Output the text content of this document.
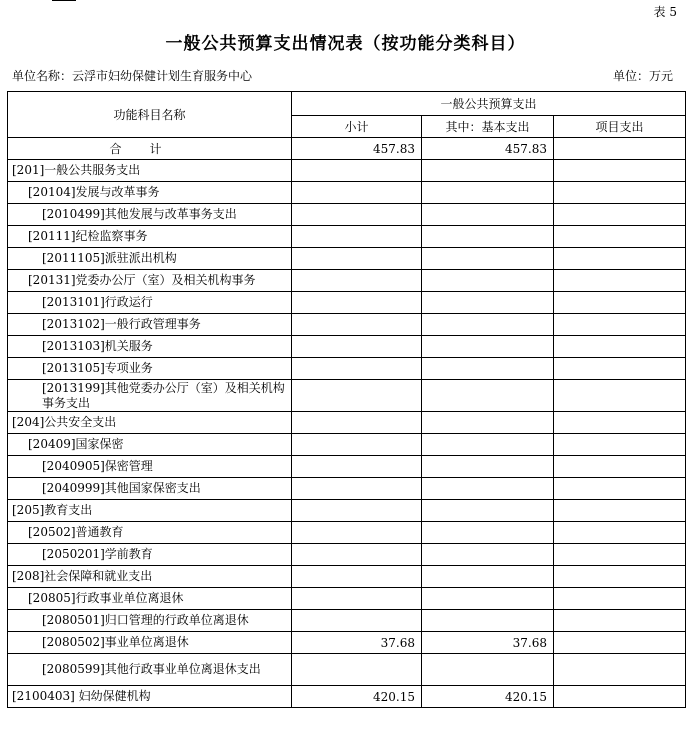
表 5
一般公共预算支出情况表（按功能分类科目）
单位名称：云浮市妇幼保健计划生育服务中心	单位：万元
功能科目名称	一般公共预算支出		
	小计	其中：基本支出	项目支出
合计	457.83	457.83	
[201]一般公共服务支出			
[20104]发展与改革事务			
[2010499]其他发展与改革事务支出			
[20111]纪检监察事务			
[2011105]派驻派出机构			
[20131]党委办公厅（室）及相关机构事务			
[2013101]行政运行			
[2013102]一般行政管理事务			
[2013103]机关服务			
[2013105]专项业务			
[2013199]其他党委办公厅（室）及相关机构事务支出			
[204]公共安全支出			
[20409]国家保密			
[2040905]保密管理			
[2040999]其他国家保密支出			
[205]教育支出			
[20502]普通教育			
[2050201]学前教育			
[208]社会保障和就业支出			
[20805]行政事业单位离退休			
[2080501]归口管理的行政单位离退休			
[2080502]事业单位离退休	37.68	37.68	
[2080599]其他行政事业单位离退休支出			
[2100403] 妇幼保健机构	420.15	420.15	
